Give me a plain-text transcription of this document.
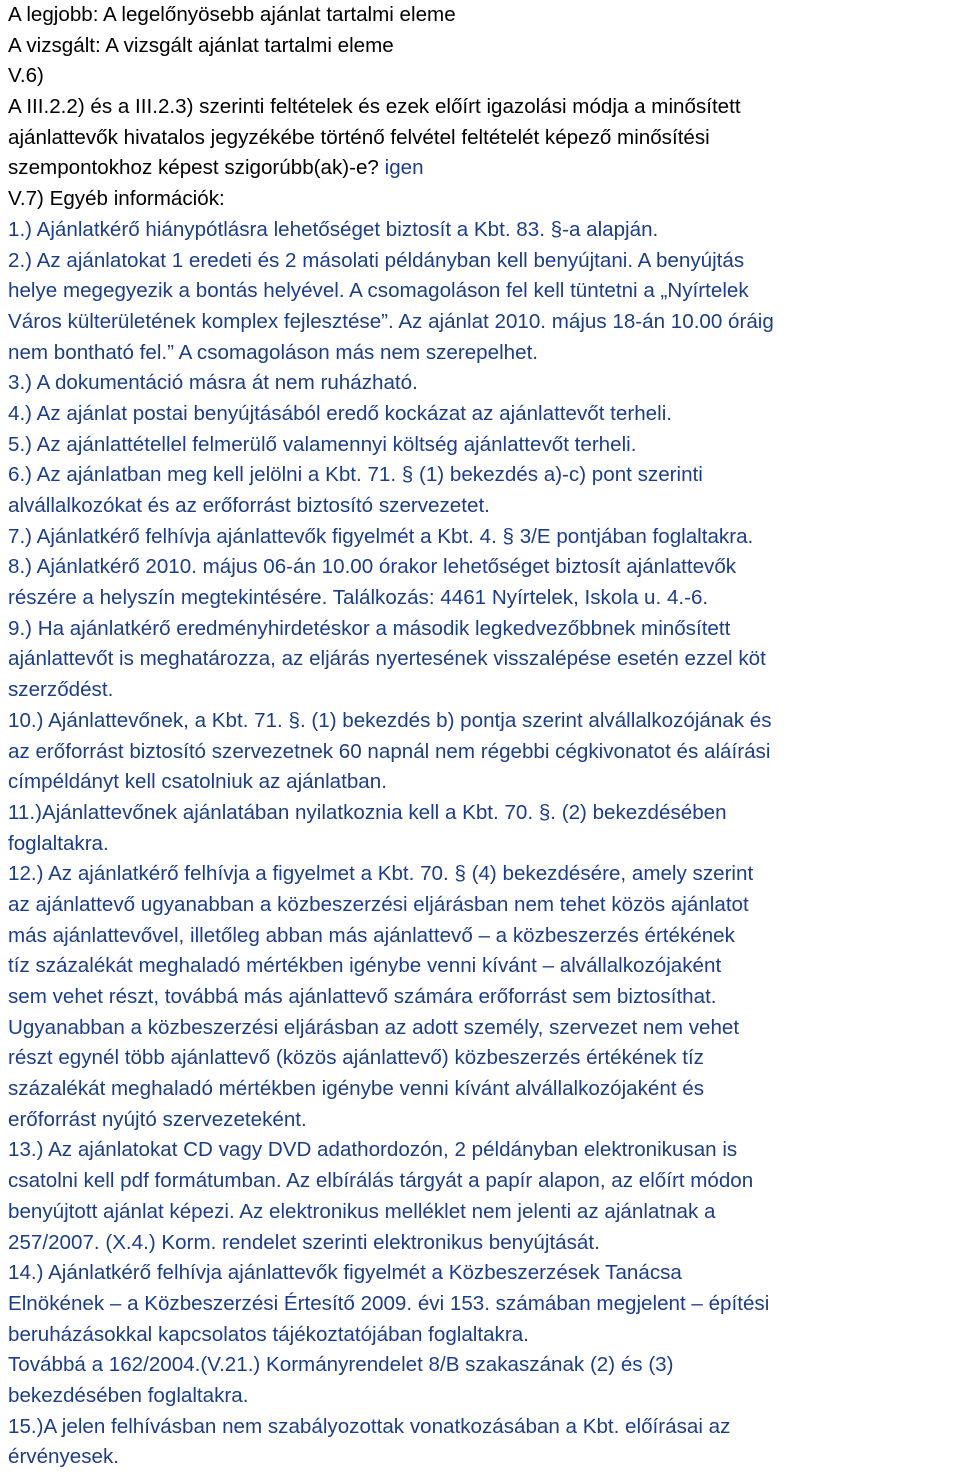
A legjobb: A legelőnyösebb ajánlat tartalmi eleme
A vizsgált: A vizsgált ajánlat tartalmi eleme
V.6)
A III.2.2) és a III.2.3) szerinti feltételek és ezek előírt igazolási módja a minősített
ajánlattevők hivatalos jegyzékébe történő felvétel feltételét képező minősítési
szempontokhoz képest szigorúbb(ak)-e? igen
V.7) Egyéb információk:
1.) Ajánlatkérő hiánypótlásra lehetőséget biztosít a Kbt. 83. §-a alapján.
2.) Az ajánlatokat 1 eredeti és 2 másolati példányban kell benyújtani. A benyújtás
helye megegyezik a bontás helyével. A csomagoláson fel kell tüntetni a „Nyírtelek
Város külterületének komplex fejlesztése”. Az ajánlat 2010. május 18-án 10.00 óráig
nem bontható fel.” A csomagoláson más nem szerepelhet.
3.) A dokumentáció másra át nem ruházható.
4.) Az ajánlat postai benyújtásából eredő kockázat az ajánlattevőt terheli.
5.) Az ajánlattétellel felmerülő valamennyi költség ajánlattevőt terheli.
6.) Az ajánlatban meg kell jelölni a Kbt. 71. § (1) bekezdés a)-c) pont szerinti
alvállalkozókat és az erőforrást biztosító szervezetet.
7.) Ajánlatkérő felhívja ajánlattevők figyelmét a Kbt. 4. § 3/E pontjában foglaltakra.
8.) Ajánlatkérő 2010. május 06-án 10.00 órakor lehetőséget biztosít ajánlattevők
részére a helyszín megtekintésére. Találkozás: 4461 Nyírtelek, Iskola u. 4.-6.
9.) Ha ajánlatkérő eredményhirdetéskor a második legkedvezőbbnek minősített
ajánlattevőt is meghatározza, az eljárás nyertesének visszalépése esetén ezzel köt
szerződést.
10.) Ajánlattevőnek, a Kbt. 71. §. (1) bekezdés b) pontja szerint alvállalkozójának és
az erőforrást biztosító szervezetnek 60 napnál nem régebbi cégkivonatot és aláírási
címpéldányt kell csatolniuk az ajánlatban.
11.)Ajánlattevőnek ajánlatában nyilatkoznia kell a Kbt. 70. §. (2) bekezdésében
foglaltakra.
12.) Az ajánlatkérő felhívja a figyelmet a Kbt. 70. § (4) bekezdésére, amely szerint
az ajánlattevő ugyanabban a közbeszerzési eljárásban nem tehet közös ajánlatot
más ajánlattevővel, illetőleg abban más ajánlattevő – a közbeszerzés értékének
tíz százalékát meghaladó mértékben igénybe venni kívánt – alvállalkozójaként
sem vehet részt, továbbá más ajánlattevő számára erőforrást sem biztosíthat.
Ugyanabban a közbeszerzési eljárásban az adott személy, szervezet nem vehet
részt egynél több ajánlattevő (közös ajánlattevő) közbeszerzés értékének tíz
százalékát meghaladó mértékben igénybe venni kívánt alvállalkozójaként és
erőforrást nyújtó szervezeteként.
13.) Az ajánlatokat CD vagy DVD adathordozón, 2 példányban elektronikusan is
csatolni kell pdf formátumban. Az elbírálás tárgyát a papír alapon, az előírt módon
benyújtott ajánlat képezi. Az elektronikus melléklet nem jelenti az ajánlatnak a
257/2007. (X.4.) Korm. rendelet szerinti elektronikus benyújtását.
14.) Ajánlatkérő felhívja ajánlattevők figyelmét a Közbeszerzések Tanácsa
Elnökének – a Közbeszerzési Értesítő 2009. évi 153. számában megjelent – építési
beruházásokkal kapcsolatos tájékoztatójában foglaltakra.
Továbbá a 162/2004.(V.21.) Kormányrendelet 8/B szakaszának (2) és (3)
bekezdésében foglaltakra.
15.)A jelen felhívásban nem szabályozottak vonatkozásában a Kbt. előírásai az
érvényesek.
